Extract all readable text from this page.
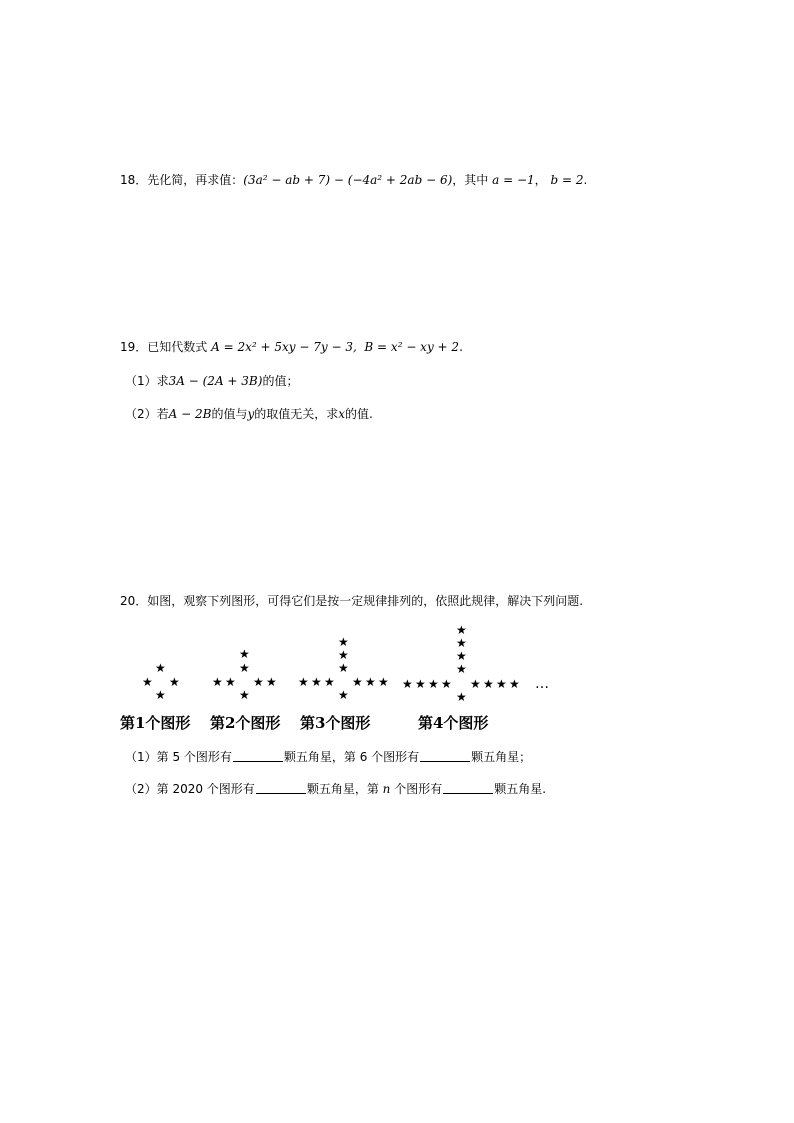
18．先化简，再求值：(3a² − ab + 7) − (−4a² + 2ab − 6)，其中 a = −1， b = 2.
19．已知代数式 A = 2x² + 5xy − 7y − 3, B = x² − xy + 2.
（1）求3A − (2A + 3B)的值；
（2）若A − 2B的值与y的取值无关，求x的值.
20．如图，观察下列图形，可得它们是按一定规律排列的，依照此规律，解决下列问题.
★
★ ★
★
★
★
★ ★ ★ ★
★
★
★
★
★ ★ ★ ★ ★ ★
★
★
★
★
★
★ ★ ★ ★ ★ ★ ★ ★
★
…
第1个图形 第2个图形 第3个图形	第4个图形
（1）第 5 个图形有	颗五角星，第 6 个图形有	颗五角星；
（2）第 2020 个图形有	颗五角星，第 n 个图形有	颗五角星.
